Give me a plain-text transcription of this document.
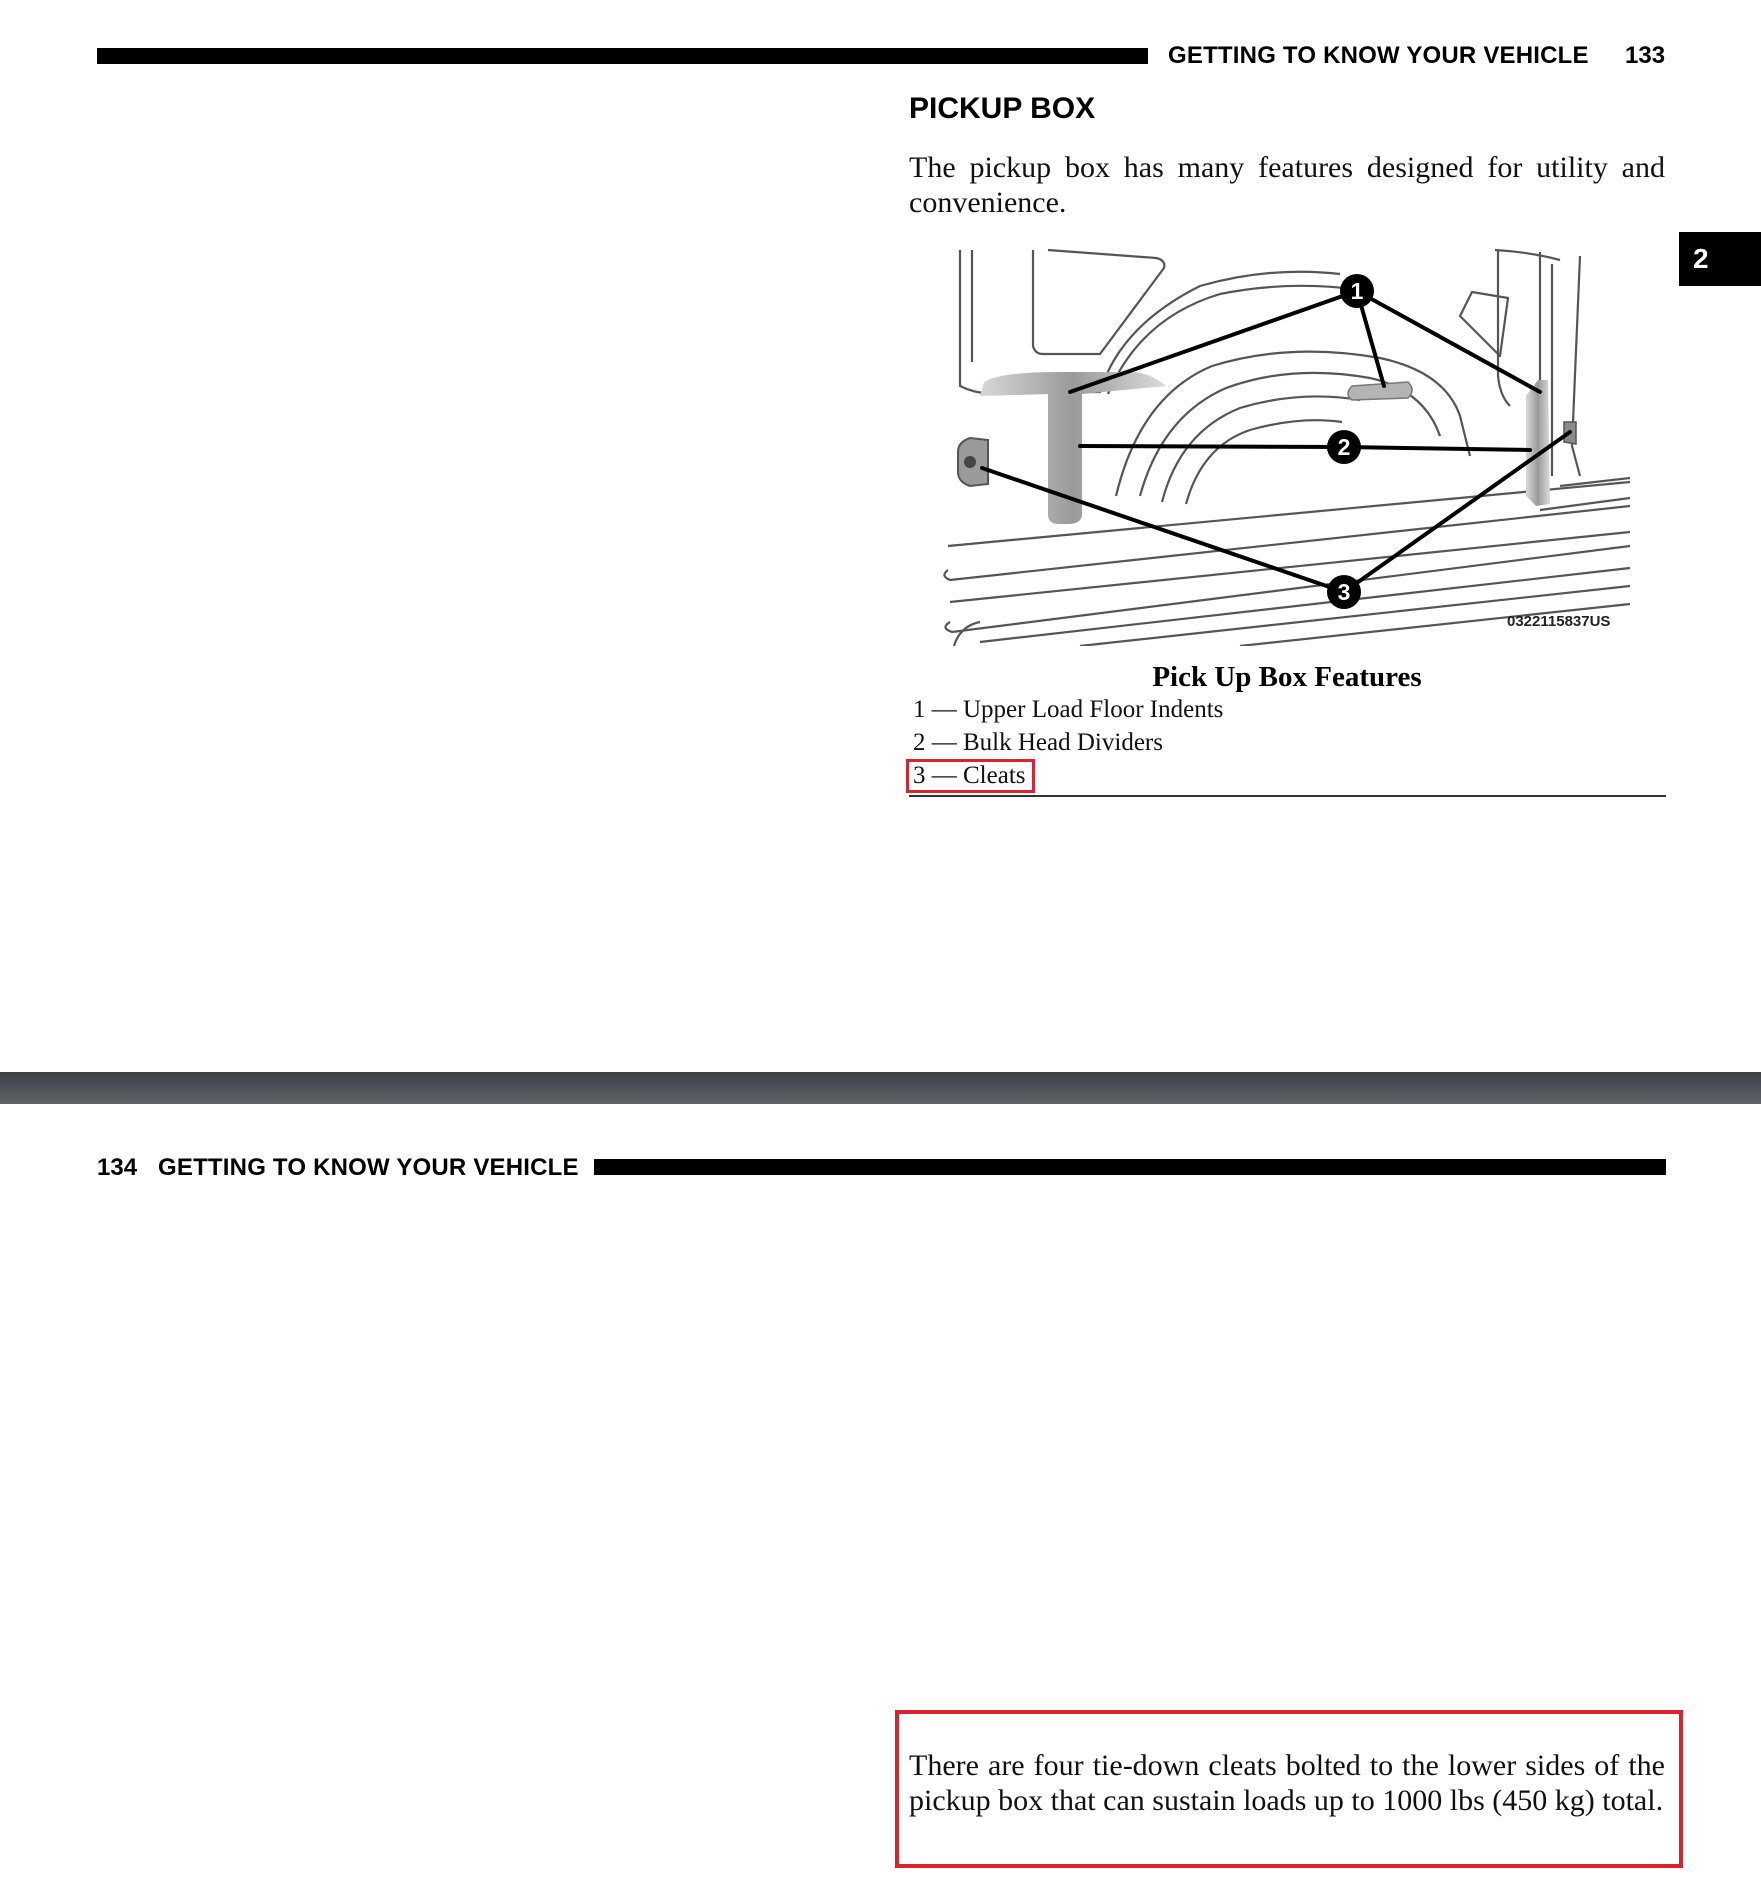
GETTING TO KNOW YOUR VEHICLE 133
2
PICKUP BOX
The pickup box has many features designed for utility and convenience.
1
2
3
0322115837US
Pick Up Box Features
1 — Upper Load Floor Indents
2 — Bulk Head Dividers
3 — Cleats
134 GETTING TO KNOW YOUR VEHICLE
There are four tie-down cleats bolted to the lower sides of the pickup box that can sustain loads up to 1000 lbs (450 kg) total.
